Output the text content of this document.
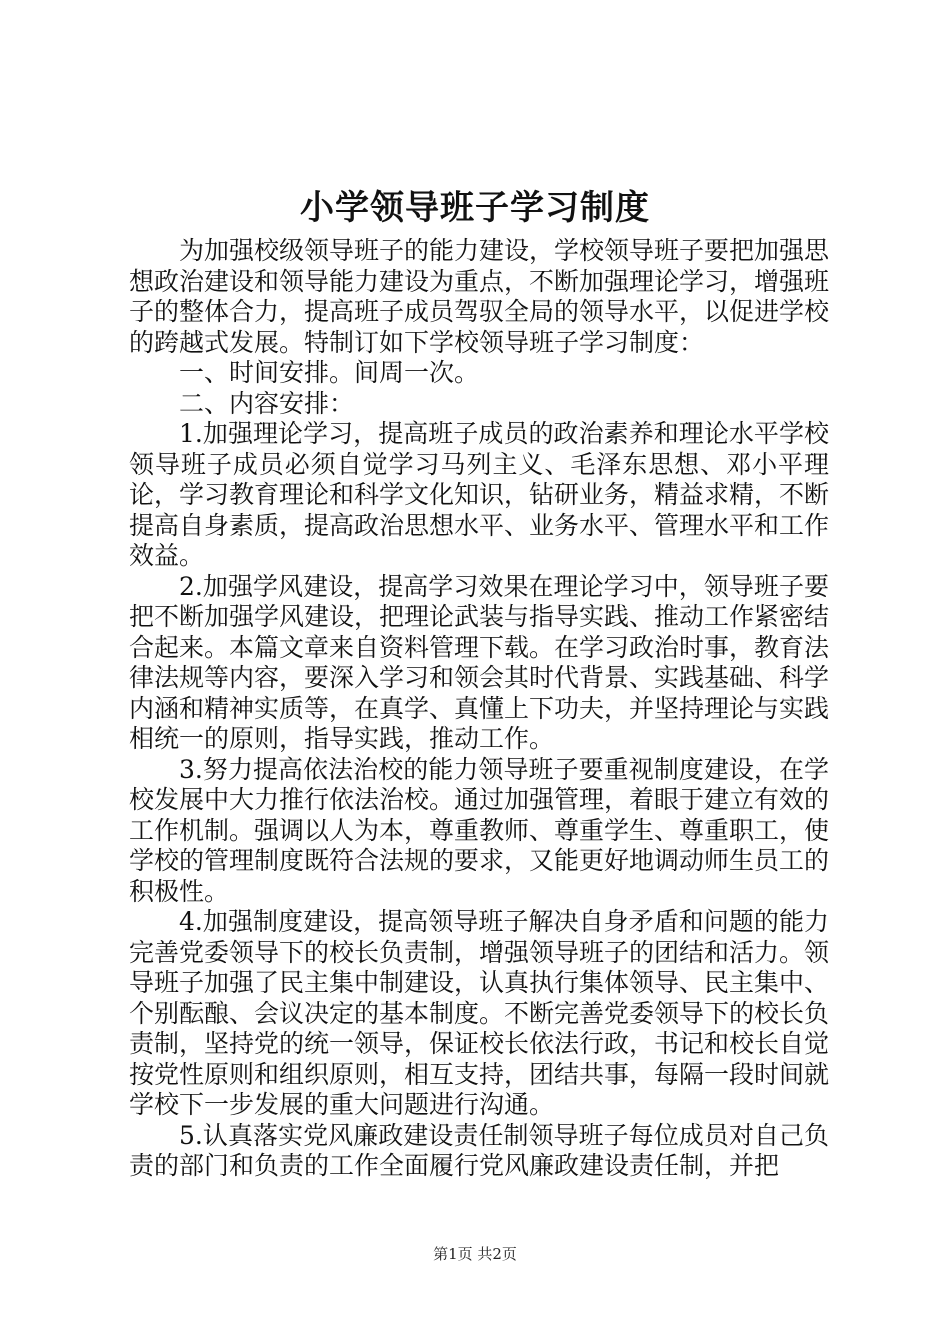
小学领导班子学习制度

为加强校级领导班子的能力建设，学校领导班子要把加强思想政治建设和领导能力建设为重点，不断加强理论学习，增强班子的整体合力，提高班子成员驾驭全局的领导水平，以促进学校的跨越式发展。特制订如下学校领导班子学习制度：

一、时间安排。间周一次。

二、内容安排：

1.加强理论学习，提高班子成员的政治素养和理论水平学校领导班子成员必须自觉学习马列主义、毛泽东思想、邓小平理论，学习教育理论和科学文化知识，钻研业务，精益求精，不断提高自身素质，提高政治思想水平、业务水平、管理水平和工作效益。

2.加强学风建设，提高学习效果在理论学习中，领导班子要把不断加强学风建设，把理论武装与指导实践、推动工作紧密结合起来。本篇文章来自资料管理下载。在学习政治时事，教育法律法规等内容，要深入学习和领会其时代背景、实践基础、科学内涵和精神实质等，在真学、真懂上下功夫，并坚持理论与实践相统一的原则，指导实践，推动工作。

3.努力提高依法治校的能力领导班子要重视制度建设，在学校发展中大力推行依法治校。通过加强管理，着眼于建立有效的工作机制。强调以人为本，尊重教师、尊重学生、尊重职工，使学校的管理制度既符合法规的要求，又能更好地调动师生员工的积极性。

4.加强制度建设，提高领导班子解决自身矛盾和问题的能力完善党委领导下的校长负责制，增强领导班子的团结和活力。领导班子加强了民主集中制建设，认真执行集体领导、民主集中、个别酝酿、会议决定的基本制度。不断完善党委领导下的校长负责制，坚持党的统一领导，保证校长依法行政，书记和校长自觉按党性原则和组织原则，相互支持，团结共事，每隔一段时间就学校下一步发展的重大问题进行沟通。

5.认真落实党风廉政建设责任制领导班子每位成员对自己负责的部门和负责的工作全面履行党风廉政建设责任制，并把

第1页 共2页
